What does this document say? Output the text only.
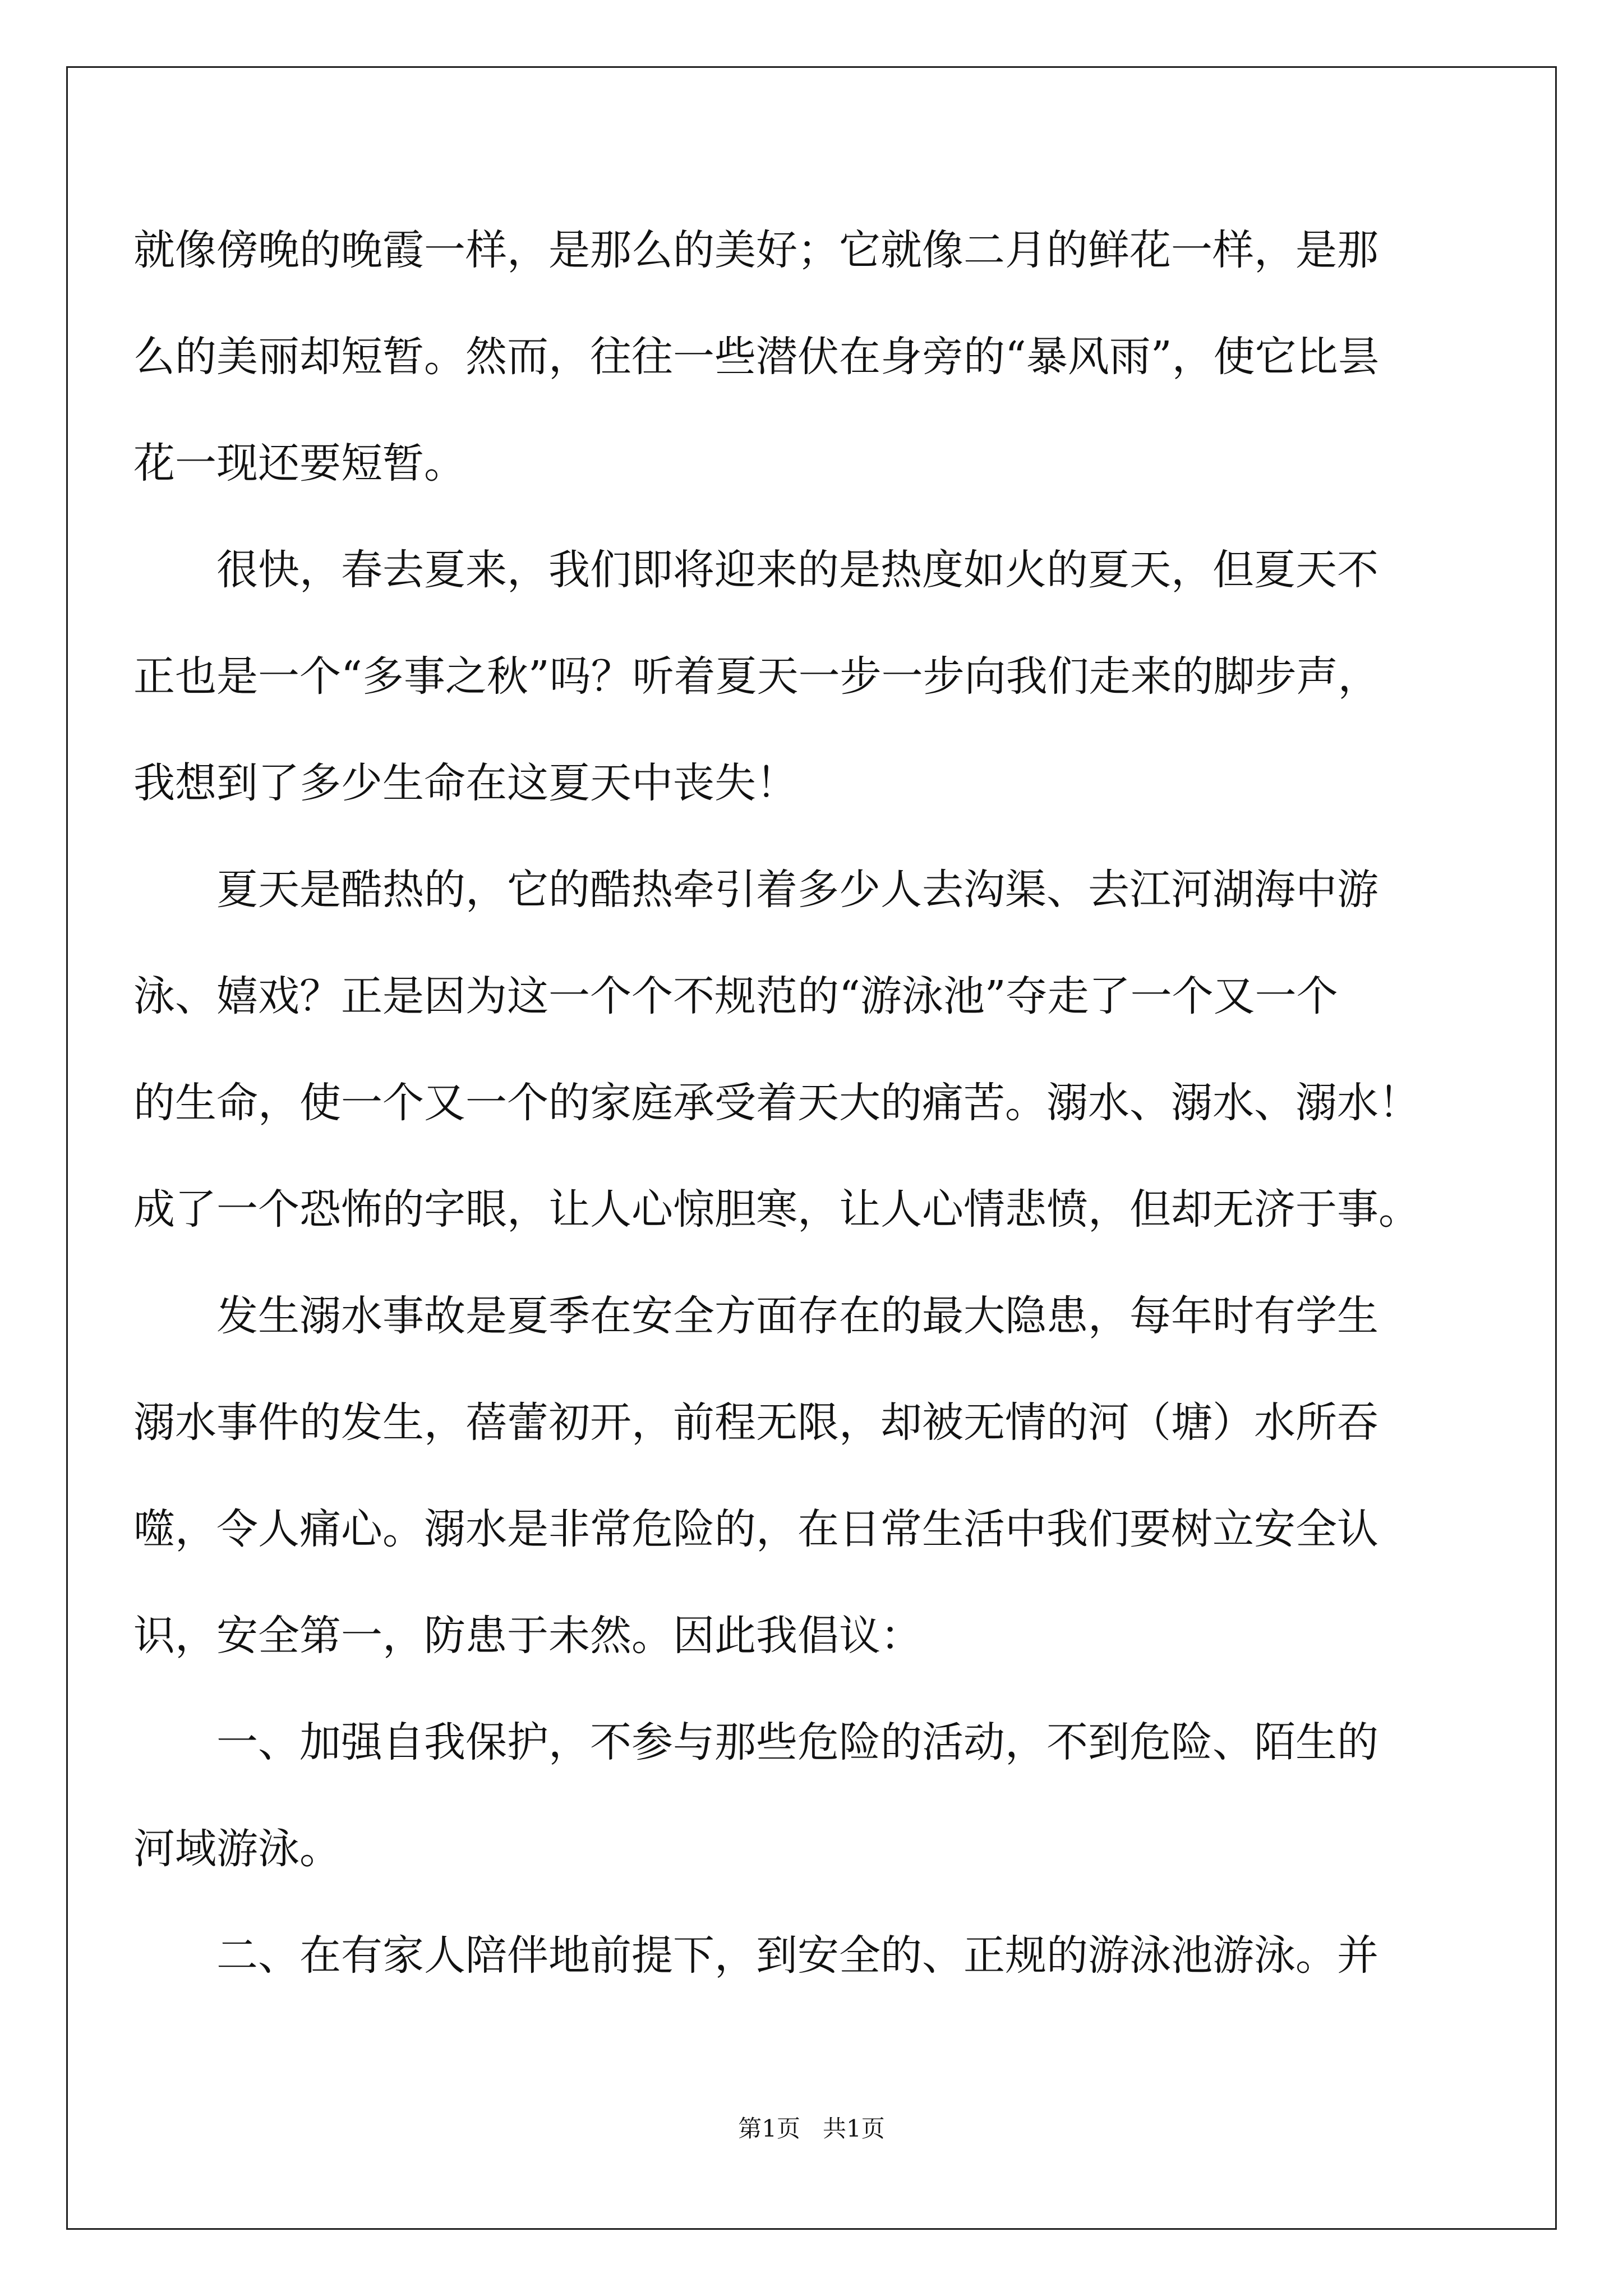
就像傍晚的晚霞一样，是那么的美好；它就像二月的鲜花一样，是那
么的美丽却短暂。然而，往往一些潜伏在身旁的“暴风雨”，使它比昙
花一现还要短暂。
　　很快，春去夏来，我们即将迎来的是热度如火的夏天，但夏天不
正也是一个“多事之秋”吗？听着夏天一步一步向我们走来的脚步声，
我想到了多少生命在这夏天中丧失！
　　夏天是酷热的，它的酷热牵引着多少人去沟渠、去江河湖海中游
泳、嬉戏？正是因为这一个个不规范的“游泳池”夺走了一个又一个
的生命，使一个又一个的家庭承受着天大的痛苦。溺水、溺水、溺水！
成了一个恐怖的字眼，让人心惊胆寒，让人心情悲愤，但却无济于事。
　　发生溺水事故是夏季在安全方面存在的最大隐患，每年时有学生
溺水事件的发生，蓓蕾初开，前程无限，却被无情的河（塘）水所吞
噬，令人痛心。溺水是非常危险的，在日常生活中我们要树立安全认
识，安全第一，防患于未然。因此我倡议：
　　一、加强自我保护，不参与那些危险的活动，不到危险、陌生的
河域游泳。
　　二、在有家人陪伴地前提下，到安全的、正规的游泳池游泳。并
第1页 共1页
